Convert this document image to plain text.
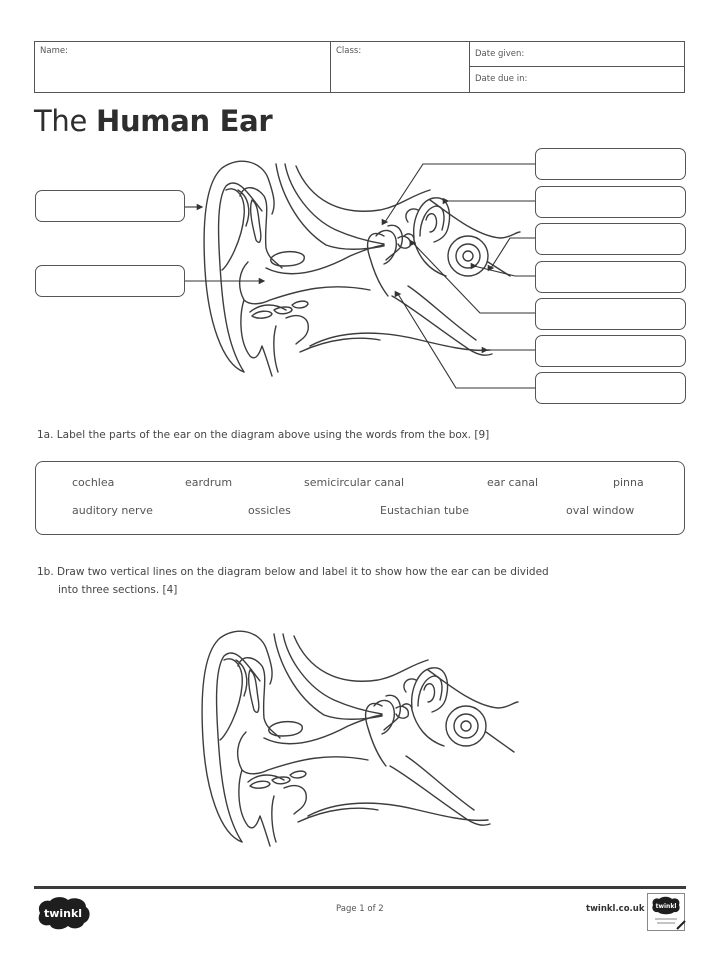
Name:	Class:	Date given:
Date due in:
The Human Ear
1a. Label the parts of the ear on the diagram above using the words from the box. [9]
cochlea	eardrum	semicircular canal	ear canal	pinna
auditory nerve	ossicles	Eustachian tube	oval window
1b. Draw two vertical lines on the diagram below and label it to show how the ear can be divided
into three sections. [4]
twinkl	Page 1 of 2	twinkl.co.uk twinkl
